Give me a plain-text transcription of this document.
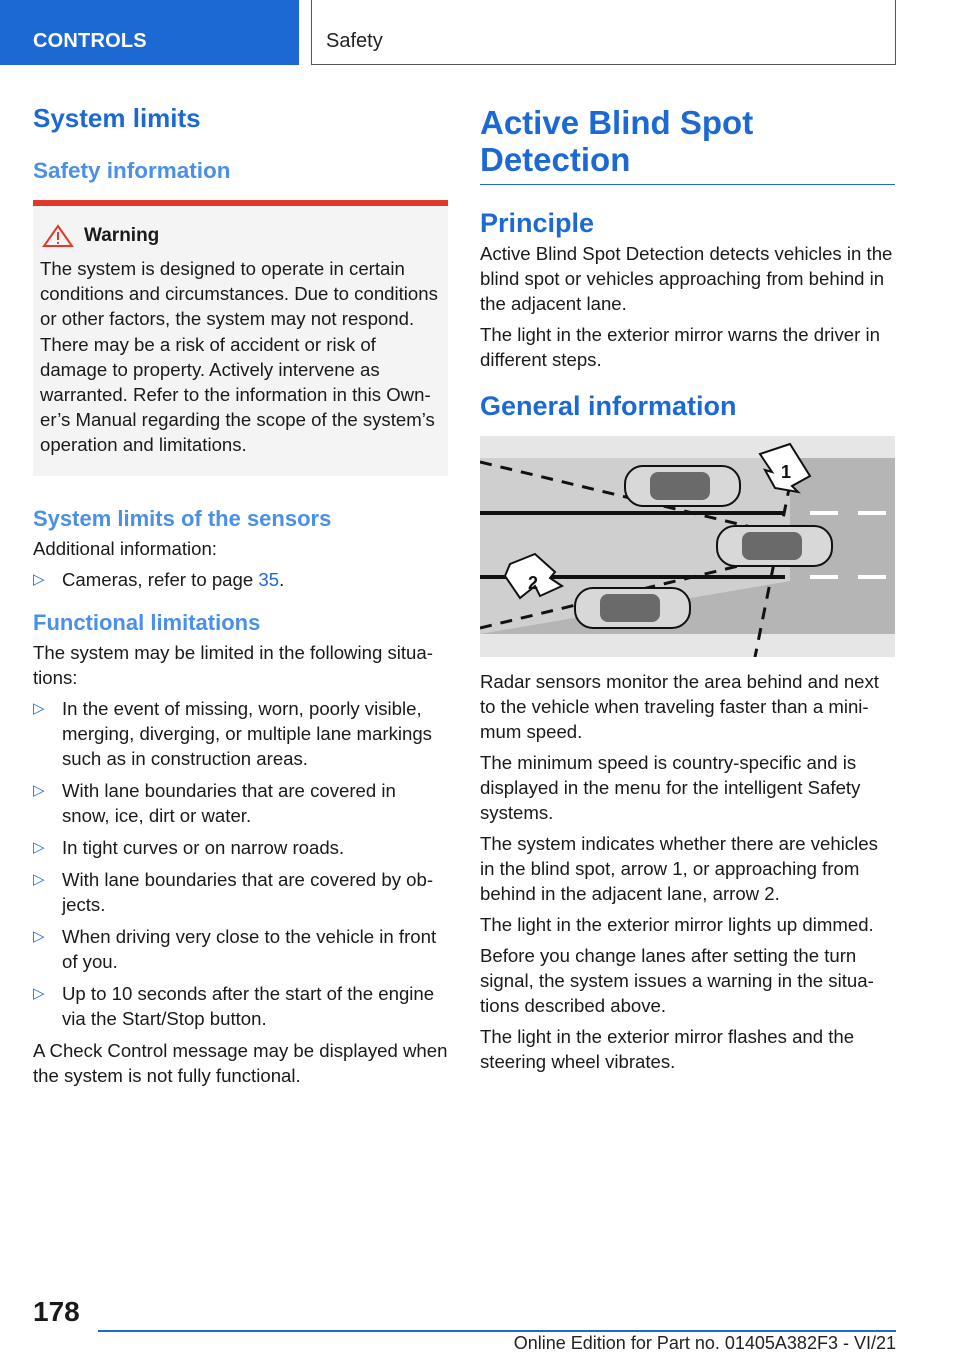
CONTROLS	Safety
System limits
Safety information
Warning

The system is designed to operate in certain conditions and circumstances. Due to conditions or other factors, the system may not respond. There may be a risk of accident or risk of damage to property. Actively intervene as warranted. Refer to the information in this Owner’s Manual regarding the scope of the system’s operation and limitations.

System limits of the sensors

Additional information:

▷ Cameras, refer to page 35.
Functional limitations

The system may be limited in the following situations:

▷ In the event of missing, worn, poorly visible, merging, diverging, or multiple lane markings such as in construction areas.
▷ With lane boundaries that are covered in snow, ice, dirt or water.
▷ In tight curves or on narrow roads.
▷ With lane boundaries that are covered by objects.
▷ When driving very close to the vehicle in front of you.
▷ Up to 10 seconds after the start of the engine via the Start/Stop button.

A Check Control message may be displayed when the system is not fully functional.

Active Blind Spot Detection
Principle

Active Blind Spot Detection detects vehicles in the blind spot or vehicles approaching from behind in the adjacent lane.

The light in the exterior mirror warns the driver in different steps.

General information
1
2

Radar sensors monitor the area behind and next to the vehicle when traveling faster than a minimum speed.

The minimum speed is country-specific and is displayed in the menu for the intelligent Safety systems.

The system indicates whether there are vehicles in the blind spot, arrow 1, or approaching from behind in the adjacent lane, arrow 2.

The light in the exterior mirror lights up dimmed.

Before you change lanes after setting the turn signal, the system issues a warning in the situations described above.

The light in the exterior mirror flashes and the steering wheel vibrates.

178
Online Edition for Part no. 01405A382F3 - VI/21
